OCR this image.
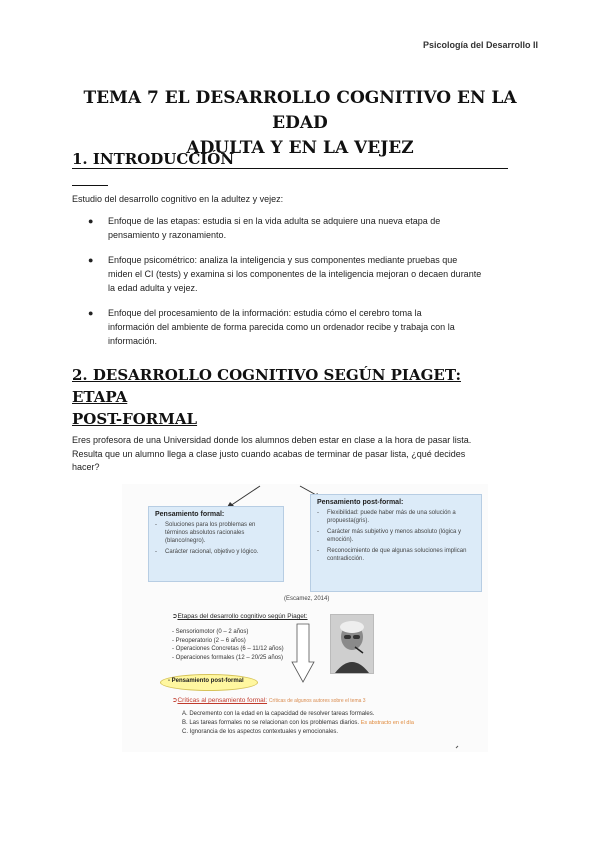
Psicología del Desarrollo II
TEMA 7 EL DESARROLLO COGNITIVO EN LA EDAD
ADULTA Y EN LA VEJEZ
1. INTRODUCCIÓN
Estudio del desarrollo cognitivo en la adultez y vejez:
● Enfoque de las etapas: estudia si en la vida adulta se adquiere una nueva etapa de
pensamiento y razonamiento.
● Enfoque psicométrico: analiza la inteligencia y sus componentes mediante pruebas que
miden el CI (tests) y examina si los componentes de la inteligencia mejoran o decaen durante
la edad adulta y vejez.
● Enfoque del procesamiento de la información: estudia cómo el cerebro toma la
información del ambiente de forma parecida como un ordenador recibe y trabaja con la
información.
2. DESARROLLO COGNITIVO SEGÚN PIAGET: ETAPA
POST-FORMAL
Eres profesora de una Universidad donde los alumnos deben estar en clase a la hora de pasar lista.
Resulta que un alumno llega a clase justo cuando acabas de terminar de pasar lista, ¿qué decides
hacer?
Pensamiento formal:
- Soluciones para los problemas en términos absolutos racionales (blanco/negro).
- Carácter racional, objetivo y lógico.
Pensamiento post-formal:
- Flexibilidad: puede haber más de una solución a propuesta(gris).
- Carácter más subjetivo y menos absoluto (lógica y emoción).
- Reconocimiento de que algunas soluciones implican contradicción.
(Escamez, 2014)
➲Etapas del desarrollo cognitivo según Piaget:
- Sensoriomotor (0 – 2 años)
- Preoperatorio (2 – 6 años)
- Operaciones Concretas (6 – 11/12 años)
- Operaciones formales (12 – 20/25 años)
- Pensamiento post-formal
➲Críticas al pensamiento formal: Críticas de algunos autores sobre el tema 3
A. Decremento con la edad en la capacidad de resolver tareas formales.
B. Las tareas formales no se relacionan con los problemas diarios. Es abstracto en el día
C. Ignorancia de los aspectos contextuales y emocionales.
